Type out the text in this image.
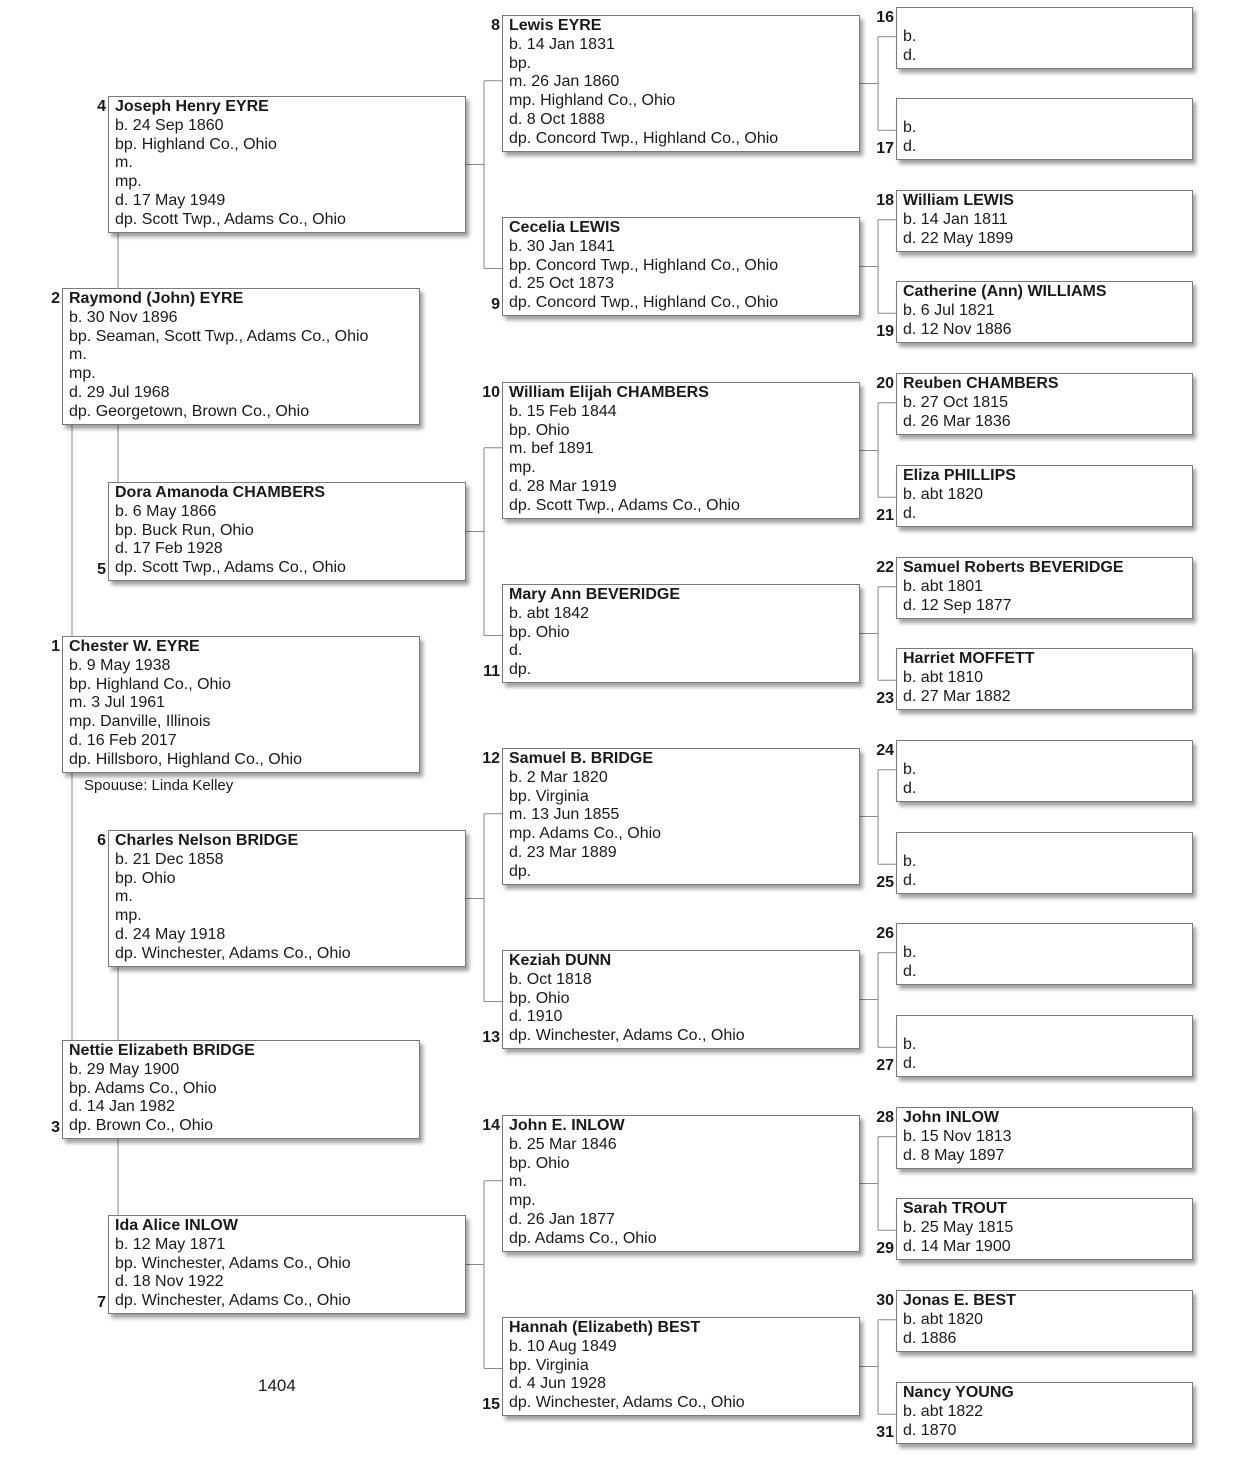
Chester W. EYRE
b. 9 May 1938
bp. Highland Co., Ohio
m. 3 Jul 1961
mp. Danville, Illinois
d. 16 Feb 2017
dp. Hillsboro, Highland Co., Ohio
1
Raymond (John) EYRE
b. 30 Nov 1896
bp. Seaman, Scott Twp., Adams Co., Ohio
m.
mp.
d. 29 Jul 1968
dp. Georgetown, Brown Co., Ohio
2
Nettie Elizabeth BRIDGE
b. 29 May 1900
bp. Adams Co., Ohio
d. 14 Jan 1982
dp. Brown Co., Ohio
3
Joseph Henry EYRE
b. 24 Sep 1860
bp. Highland Co., Ohio
m.
mp.
d. 17 May 1949
dp. Scott Twp., Adams Co., Ohio
4
Dora Amanoda CHAMBERS
b. 6 May 1866
bp. Buck Run, Ohio
d. 17 Feb 1928
dp. Scott Twp., Adams Co., Ohio
5
Charles Nelson BRIDGE
b. 21 Dec 1858
bp. Ohio
m.
mp.
d. 24 May 1918
dp. Winchester, Adams Co., Ohio
6
Ida Alice INLOW
b. 12 May 1871
bp. Winchester, Adams Co., Ohio
d. 18 Nov 1922
dp. Winchester, Adams Co., Ohio
7
Lewis EYRE
b. 14 Jan 1831
bp.
m. 26 Jan 1860
mp. Highland Co., Ohio
d. 8 Oct 1888
dp. Concord Twp., Highland Co., Ohio
8
Cecelia LEWIS
b. 30 Jan 1841
bp. Concord Twp., Highland Co., Ohio
d. 25 Oct 1873
dp. Concord Twp., Highland Co., Ohio
9
William Elijah CHAMBERS
b. 15 Feb 1844
bp. Ohio
m. bef 1891
mp.
d. 28 Mar 1919
dp. Scott Twp., Adams Co., Ohio
10
Mary Ann BEVERIDGE
b. abt 1842
bp. Ohio
d.
dp.
11
Samuel B. BRIDGE
b. 2 Mar 1820
bp. Virginia
m. 13 Jun 1855
mp. Adams Co., Ohio
d. 23 Mar 1889
dp.
12
Keziah DUNN
b. Oct 1818
bp. Ohio
d. 1910
dp. Winchester, Adams Co., Ohio
13
John E. INLOW
b. 25 Mar 1846
bp. Ohio
m.
mp.
d. 26 Jan 1877
dp. Adams Co., Ohio
14
Hannah (Elizabeth) BEST
b. 10 Aug 1849
bp. Virginia
d. 4 Jun 1928
dp. Winchester, Adams Co., Ohio
15
b.
d.
16
b.
d.
17
William LEWIS
b. 14 Jan 1811
d. 22 May 1899
18
Catherine (Ann) WILLIAMS
b. 6 Jul 1821
d. 12 Nov 1886
19
Reuben CHAMBERS
b. 27 Oct 1815
d. 26 Mar 1836
20
Eliza PHILLIPS
b. abt 1820
d.
21
Samuel Roberts BEVERIDGE
b. abt 1801
d. 12 Sep 1877
22
Harriet MOFFETT
b. abt 1810
d. 27 Mar 1882
23
b.
d.
24
b.
d.
25
b.
d.
26
b.
d.
27
John INLOW
b. 15 Nov 1813
d. 8 May 1897
28
Sarah TROUT
b. 25 May 1815
d. 14 Mar 1900
29
Jonas E. BEST
b. abt 1820
d. 1886
30
Nancy YOUNG
b. abt 1822
d. 1870
31
Spouuse: Linda Kelley
1404
